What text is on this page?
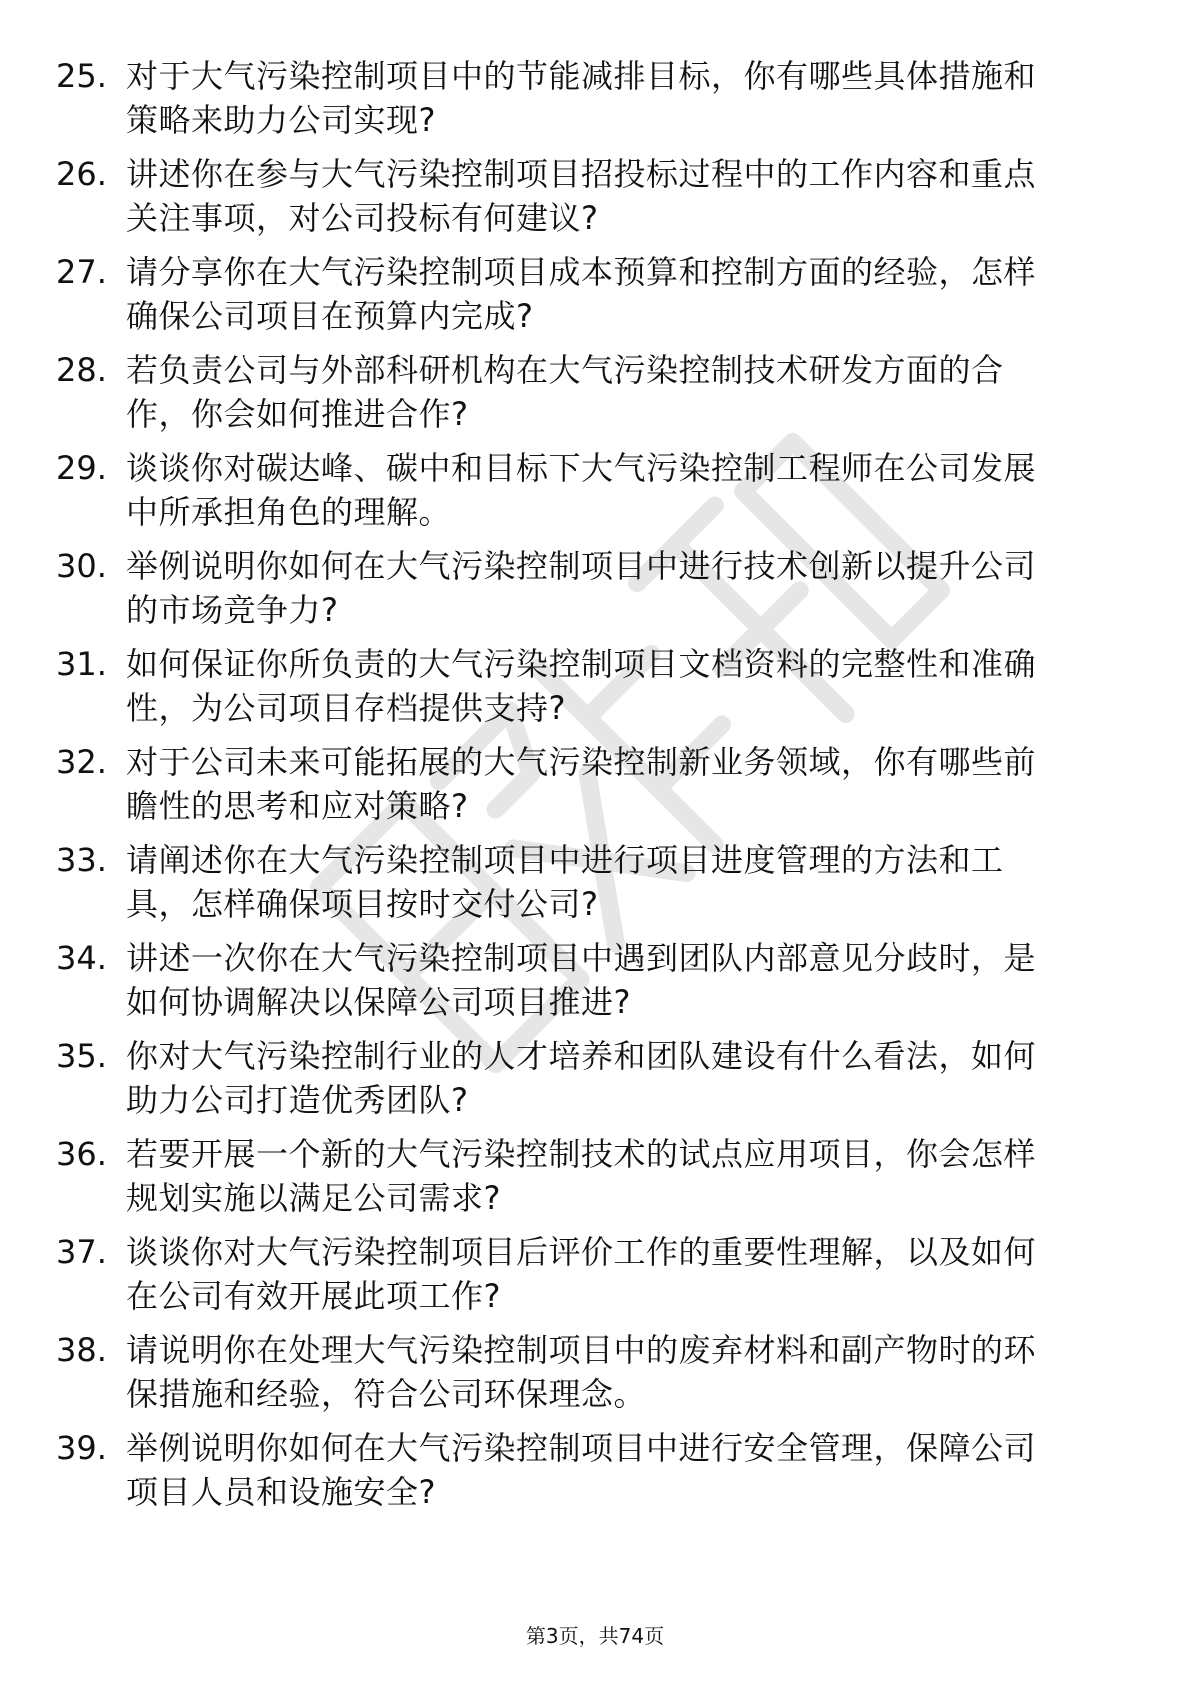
25. 对于大气污染控制项目中的节能减排目标，你有哪些具体措施和
策略来助力公司实现?
26. 讲述你在参与大气污染控制项目招投标过程中的工作内容和重点
关注事项，对公司投标有何建议?
27. 请分享你在大气污染控制项目成本预算和控制方面的经验，怎样
确保公司项目在预算内完成?
28. 若负责公司与外部科研机构在大气污染控制技术研发方面的合
作，你会如何推进合作?
29. 谈谈你对碳达峰、碳中和目标下大气污染控制工程师在公司发展
中所承担角色的理解。
30. 举例说明你如何在大气污染控制项目中进行技术创新以提升公司
的市场竞争力?
31. 如何保证你所负责的大气污染控制项目文档资料的完整性和准确
性，为公司项目存档提供支持?
32. 对于公司未来可能拓展的大气污染控制新业务领域，你有哪些前
瞻性的思考和应对策略?
33. 请阐述你在大气污染控制项目中进行项目进度管理的方法和工
具，怎样确保项目按时交付公司?
34. 讲述一次你在大气污染控制项目中遇到团队内部意见分歧时，是
如何协调解决以保障公司项目推进?
35. 你对大气污染控制行业的人才培养和团队建设有什么看法，如何
助力公司打造优秀团队?
36. 若要开展一个新的大气污染控制技术的试点应用项目，你会怎样
规划实施以满足公司需求?
37. 谈谈你对大气污染控制项目后评价工作的重要性理解，以及如何
在公司有效开展此项工作?
38. 请说明你在处理大气污染控制项目中的废弃材料和副产物时的环
保措施和经验，符合公司环保理念。
39. 举例说明你如何在大气污染控制项目中进行安全管理，保障公司
项目人员和设施安全?
第3页，共74页
